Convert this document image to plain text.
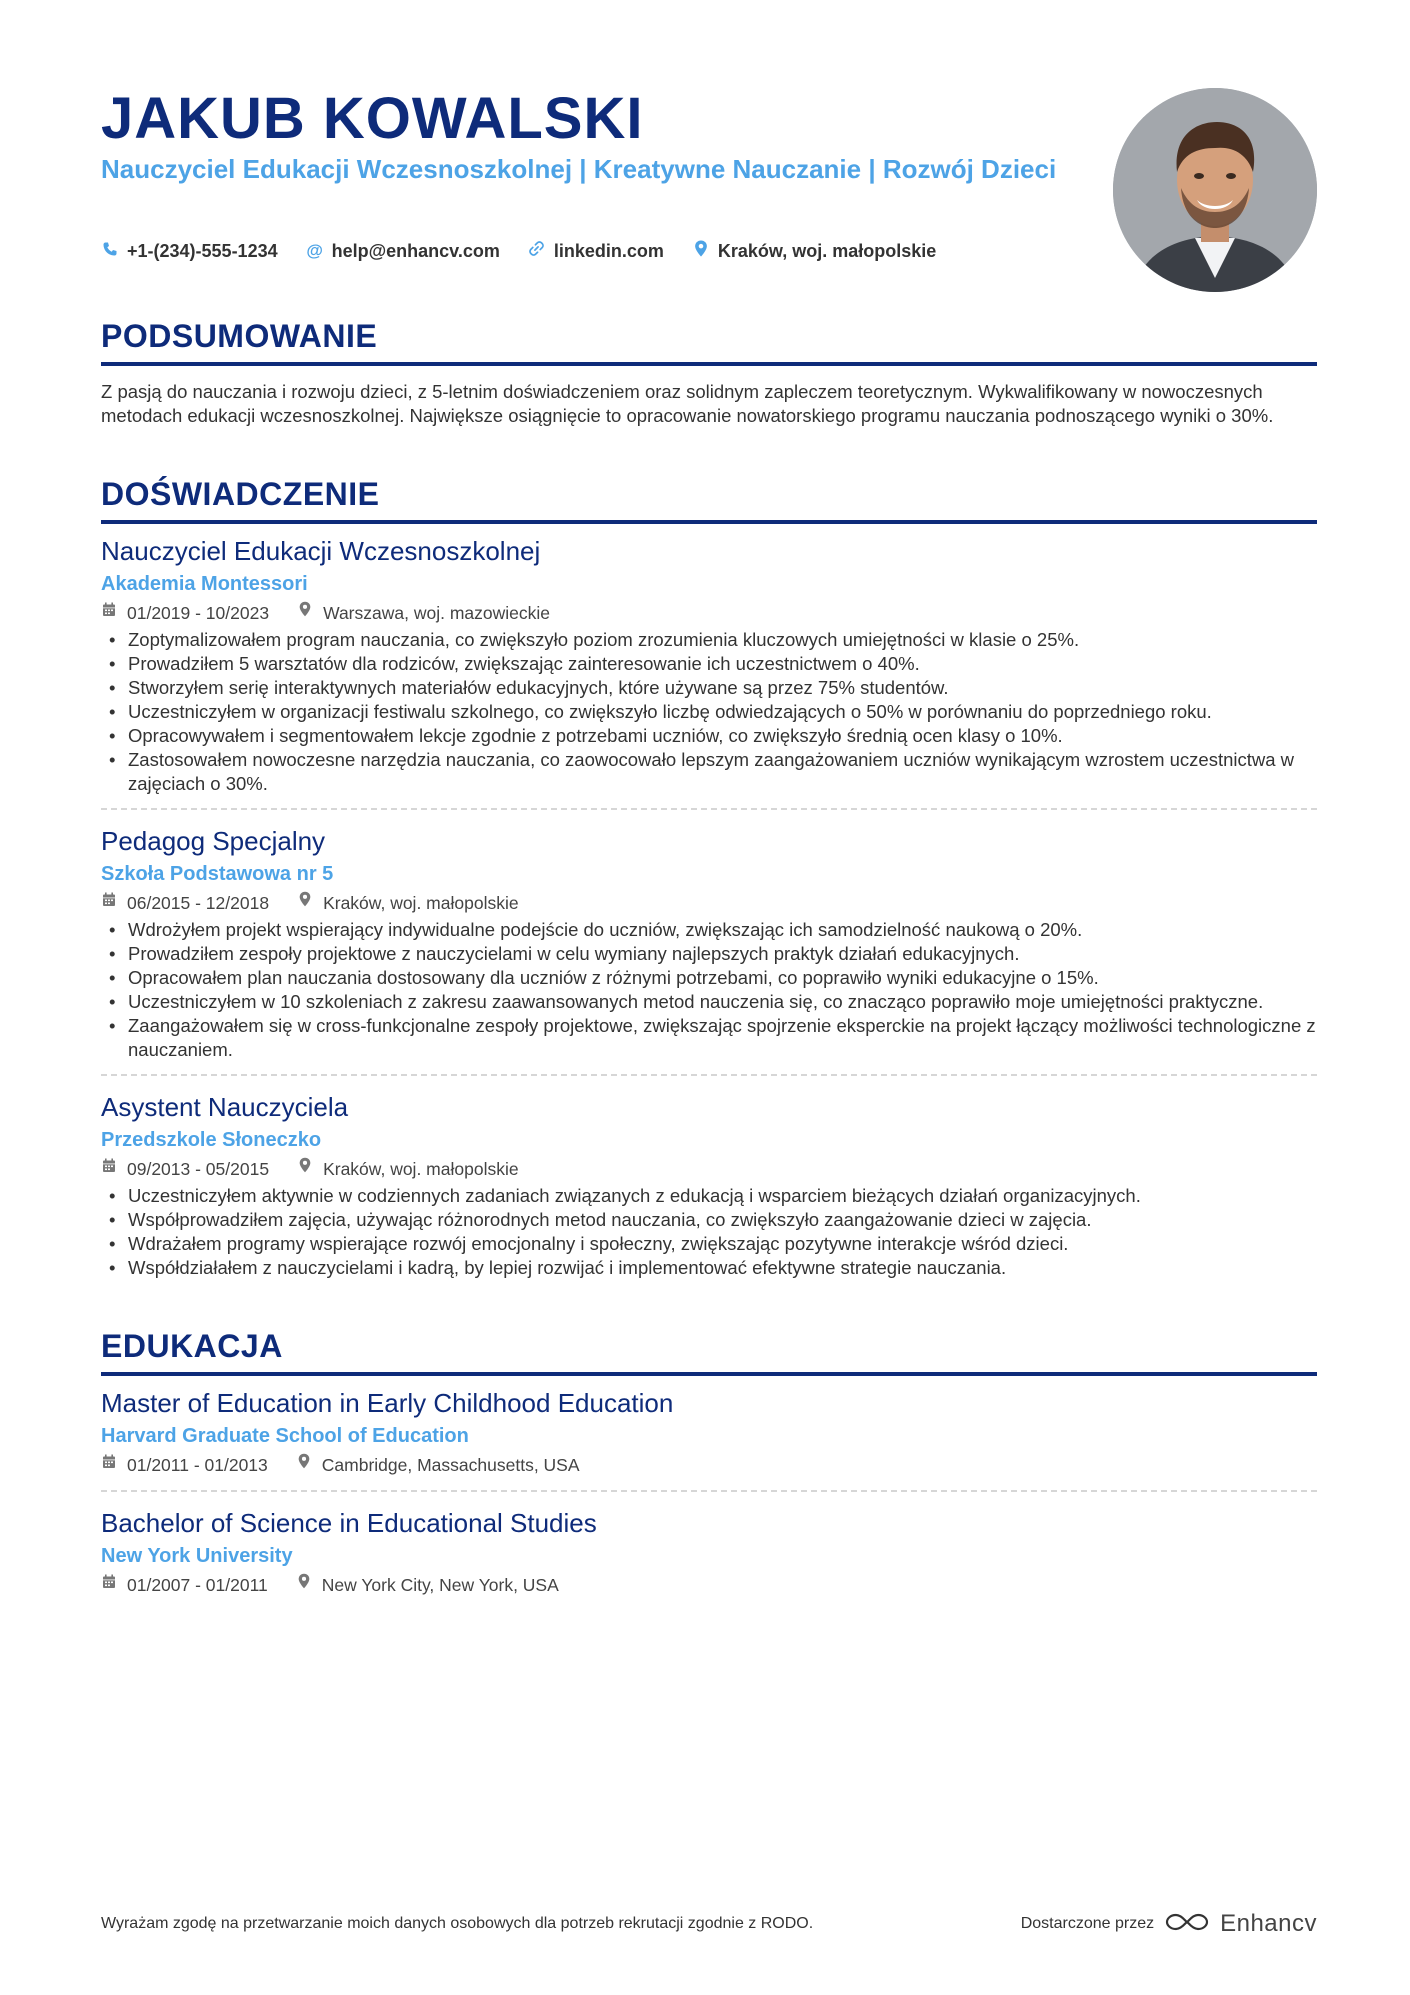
JAKUB KOWALSKI
Nauczyciel Edukacji Wczesnoszkolnej | Kreatywne Nauczanie | Rozwój Dzieci
+1-(234)-555-1234 @ help@enhancv.com	linkedin.com	Kraków, woj. małopolskie
PODSUMOWANIE
Z pasją do nauczania i rozwoju dzieci, z 5-letnim doświadczeniem oraz solidnym zapleczem teoretycznym. Wykwalifikowany w nowoczesnych metodach edukacji wczesnoszkolnej. Największe osiągnięcie to opracowanie nowatorskiego programu nauczania podnoszącego wyniki o 30%.
DOŚWIADCZENIE
Nauczyciel Edukacji Wczesnoszkolnej
Akademia Montessori
01/2019 - 10/2023	Warszawa, woj. mazowieckie
• Zoptymalizowałem program nauczania, co zwiększyło poziom zrozumienia kluczowych umiejętności w klasie o 25%.
• Prowadziłem 5 warsztatów dla rodziców, zwiększając zainteresowanie ich uczestnictwem o 40%.
• Stworzyłem serię interaktywnych materiałów edukacyjnych, które używane są przez 75% studentów.
• Uczestniczyłem w organizacji festiwalu szkolnego, co zwiększyło liczbę odwiedzających o 50% w porównaniu do poprzedniego roku.
• Opracowywałem i segmentowałem lekcje zgodnie z potrzebami uczniów, co zwiększyło średnią ocen klasy o 10%.
• Zastosowałem nowoczesne narzędzia nauczania, co zaowocowało lepszym zaangażowaniem uczniów wynikającym wzrostem uczestnictwa w zajęciach o 30%.
Pedagog Specjalny
Szkoła Podstawowa nr 5
06/2015 - 12/2018	Kraków, woj. małopolskie
• Wdrożyłem projekt wspierający indywidualne podejście do uczniów, zwiększając ich samodzielność naukową o 20%.
• Prowadziłem zespoły projektowe z nauczycielami w celu wymiany najlepszych praktyk działań edukacyjnych.
• Opracowałem plan nauczania dostosowany dla uczniów z różnymi potrzebami, co poprawiło wyniki edukacyjne o 15%.
• Uczestniczyłem w 10 szkoleniach z zakresu zaawansowanych metod nauczenia się, co znacząco poprawiło moje umiejętności praktyczne.
• Zaangażowałem się w cross-funkcjonalne zespoły projektowe, zwiększając spojrzenie eksperckie na projekt łączący możliwości technologiczne z nauczaniem.
Asystent Nauczyciela
Przedszkole Słoneczko
09/2013 - 05/2015	Kraków, woj. małopolskie
• Uczestniczyłem aktywnie w codziennych zadaniach związanych z edukacją i wsparciem bieżących działań organizacyjnych.
• Współprowadziłem zajęcia, używając różnorodnych metod nauczania, co zwiększyło zaangażowanie dzieci w zajęcia.
• Wdrażałem programy wspierające rozwój emocjonalny i społeczny, zwiększając pozytywne interakcje wśród dzieci.
• Współdziałałem z nauczycielami i kadrą, by lepiej rozwijać i implementować efektywne strategie nauczania.
EDUKACJA
Master of Education in Early Childhood Education
Harvard Graduate School of Education
01/2011 - 01/2013	Cambridge, Massachusetts, USA
Bachelor of Science in Educational Studies
New York University
01/2007 - 01/2011	New York City, New York, USA
Wyrażam zgodę na przetwarzanie moich danych osobowych dla potrzeb rekrutacji zgodnie z RODO.	Dostarczone przez	Enhancv
